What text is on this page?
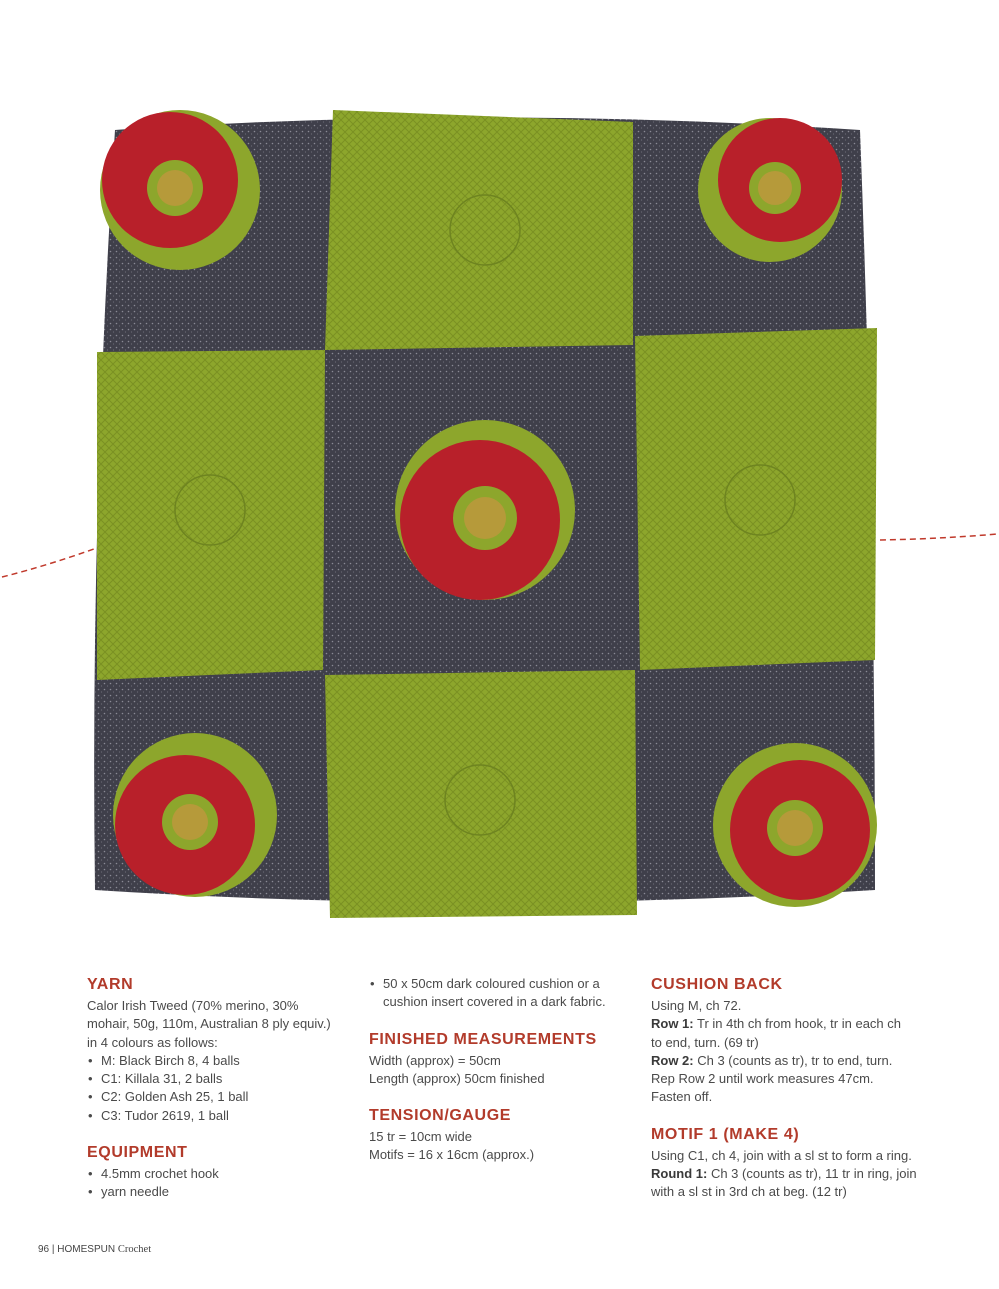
YARN

Calor Irish Tweed (70% merino, 30%

mohair, 50g, 110m, Australian 8 ply equiv.)

in 4 colours as follows:

• M: Black Birch 8, 4 balls
• C1: Killala 31, 2 balls
• C2: Golden Ash 25, 1 ball
• C3: Tudor 2619, 1 ball
EQUIPMENT
• 4.5mm crochet hook
• yarn needle
• 50 x 50cm dark coloured cushion or a
cushion insert covered in a dark fabric.
FINISHED MEASUREMENTS

Width (approx) = 50cm

Length (approx) 50cm finished

TENSION/GAUGE

15 tr = 10cm wide

Motifs = 16 x 16cm (approx.)

CUSHION BACK

Using M, ch 72.

Row 1: Tr in 4th ch from hook, tr in each ch

to end, turn. (69 tr)

Row 2: Ch 3 (counts as tr), tr to end, turn.

Rep Row 2 until work measures 47cm.

Fasten off.

MOTIF 1 (MAKE 4)

Using C1, ch 4, join with a sl st to form a ring.

Round 1: Ch 3 (counts as tr), 11 tr in ring, join

with a sl st in 3rd ch at beg. (12 tr)

96 | HOMESPUN Crochet
